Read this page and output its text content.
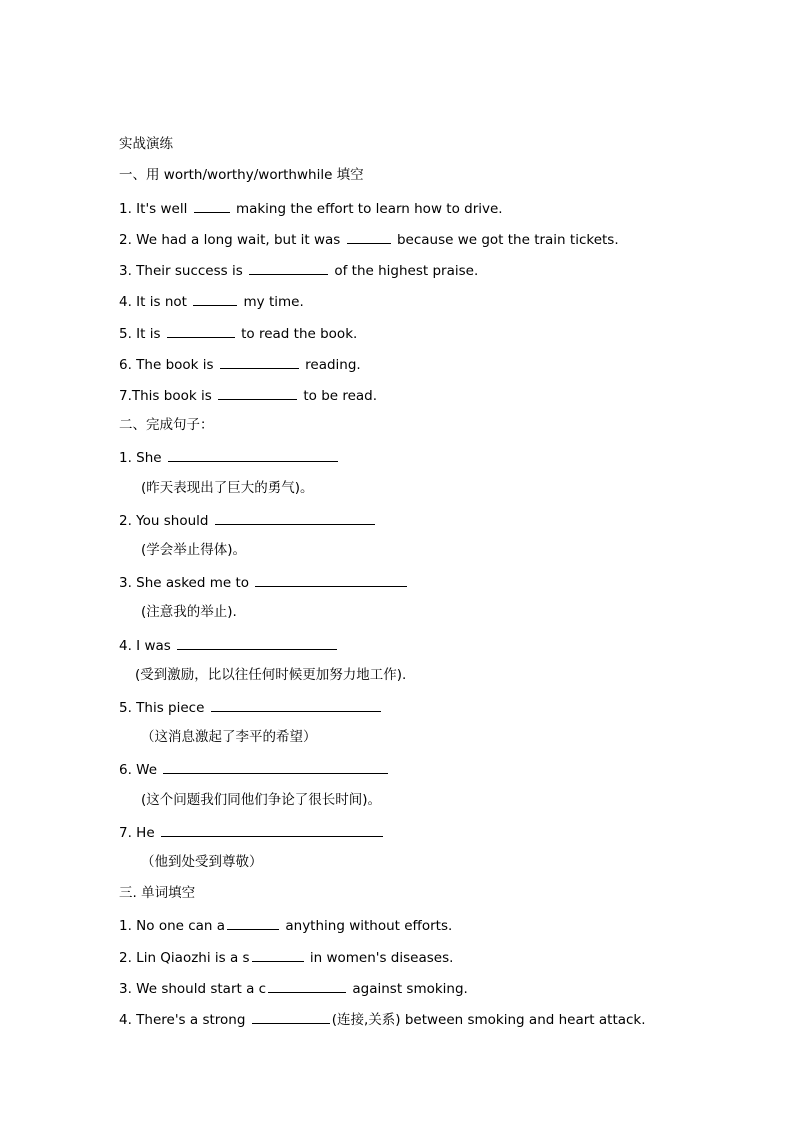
实战演练
一、用 worth/worthy/worthwhile 填空
1. It's well	making the effort to learn how to drive.
2. We had a long wait, but it was	because we got the train tickets.
3. Their success is	of the highest praise.
4. It is not	my time.
5. It is	to read the book.
6. The book is	reading.
7.This book is	to be read.
二、完成句子：
1. She
(昨天表现出了巨大的勇气)。
2. You should
(学会举止得体)。
3. She asked me to
(注意我的举止).
4. I was
(受到激励，比以往任何时候更加努力地工作).
5. This piece
（这消息激起了李平的希望）
6. We
(这个问题我们同他们争论了很长时间)。
7. He
（他到处受到尊敬）
三. 单词填空
1. No one can a	anything without efforts.
2. Lin Qiaozhi is a s	in women's diseases.
3. We should start a c	against smoking.
4. There's a strong	(连接,关系) between smoking and heart attack.
